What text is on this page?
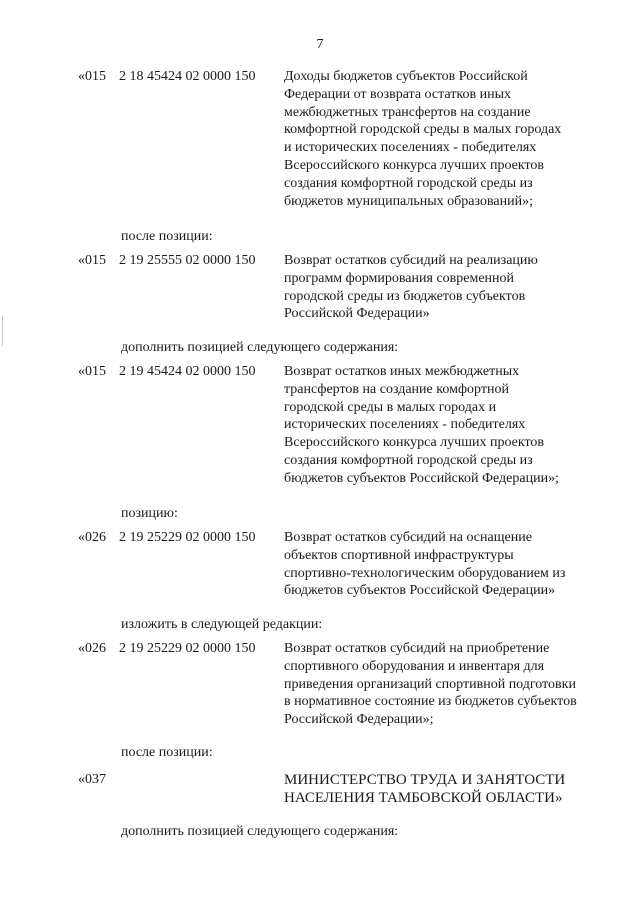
7
«015 2 18 45424 02 0000 150 Доходы бюджетов субъектов Российской
Федерации от возврата остатков иных
межбюджетных трансфертов на создание
комфортной городской среды в малых городах
и исторических поселениях - победителях
Всероссийского конкурса лучших проектов
создания комфортной городской среды из
бюджетов муниципальных образований»;

после позиции:
«015 2 19 25555 02 0000 150 Возврат остатков субсидий на реализацию
программ формирования современной
городской среды из бюджетов субъектов
Российской Федерации»

дополнить позицией следующего содержания:
«015 2 19 45424 02 0000 150 Возврат остатков иных межбюджетных
трансфертов на создание комфортной
городской среды в малых городах и
исторических поселениях - победителях
Всероссийского конкурса лучших проектов
создания комфортной городской среды из
бюджетов субъектов Российской Федерации»;

позицию:
«026 2 19 25229 02 0000 150 Возврат остатков субсидий на оснащение
объектов спортивной инфраструктуры
спортивно-технологическим оборудованием из
бюджетов субъектов Российской Федерации»

изложить в следующей редакции:
«026 2 19 25229 02 0000 150 Возврат остатков субсидий на приобретение
спортивного оборудования и инвентаря для
приведения организаций спортивной подготовки
в нормативное состояние из бюджетов субъектов
Российской Федерации»;

после позиции:
«037	МИНИСТЕРСТВО ТРУДА И ЗАНЯТОСТИ
НАСЕЛЕНИЯ ТАМБОВСКОЙ ОБЛАСТИ»

дополнить позицией следующего содержания:
